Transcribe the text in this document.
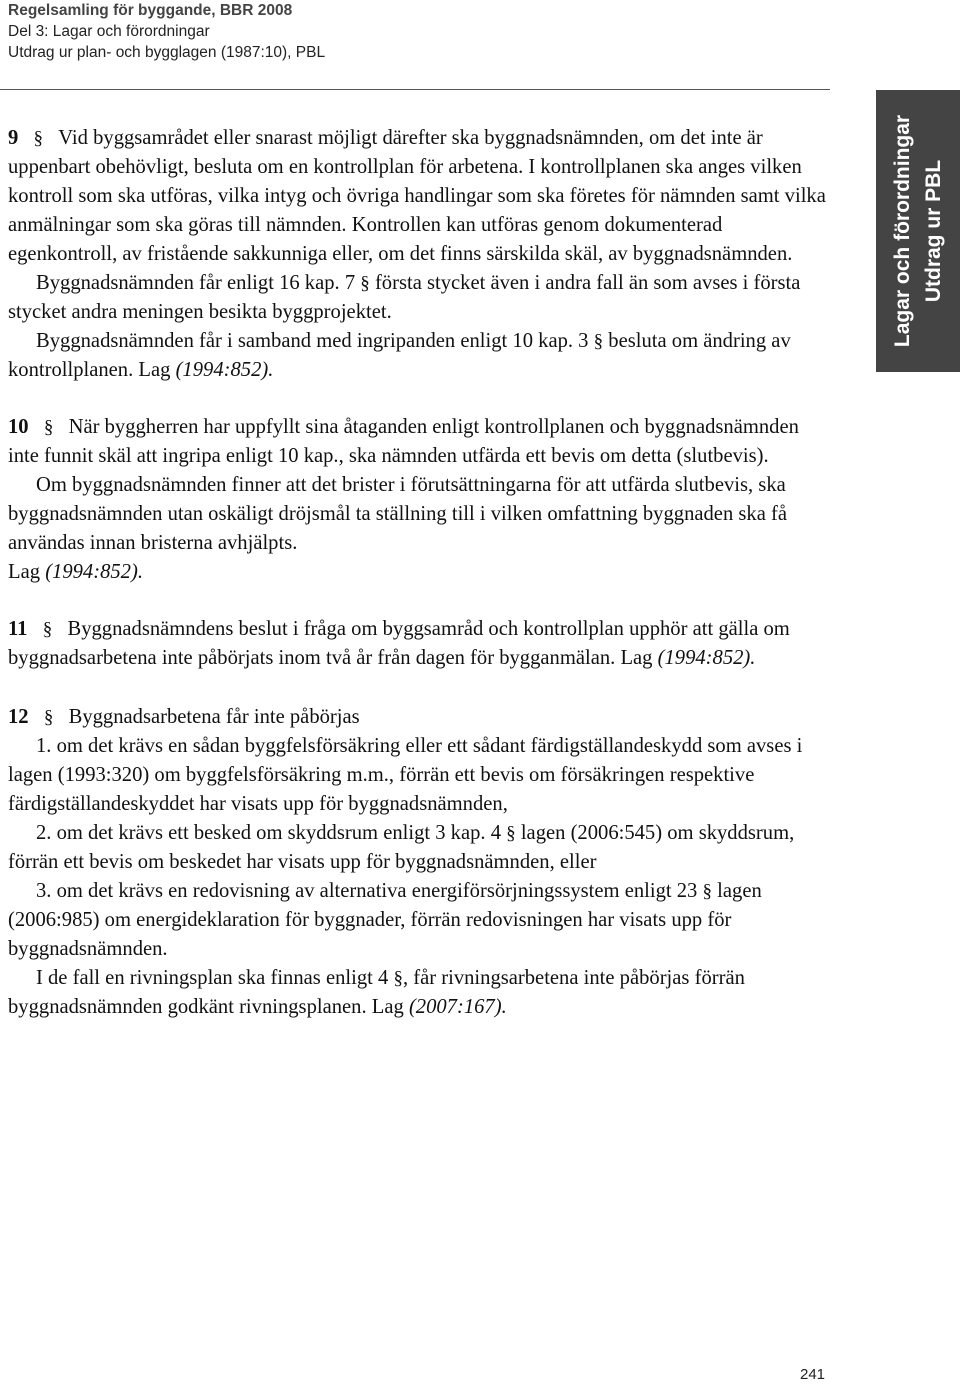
Regelsamling för byggande, BBR 2008
Del 3: Lagar och förordningar
Utdrag ur plan- och bygglagen (1987:10), PBL
Lagar och förordningar Utdrag ur PBL

9 § Vid byggsamrådet eller snarast möjligt därefter ska byggnadsnämnden, om det inte är uppenbart obehövligt, besluta om en kontrollplan för arbetena. I kontrollplanen ska anges vilken kontroll som ska utföras, vilka intyg och övriga handlingar som ska företes för nämnden samt vilka anmälningar som ska göras till nämnden. Kontrollen kan utföras genom dokumenterad egenkontroll, av fristående sakkunniga eller, om det finns särskilda skäl, av byggnadsnämnden.

Byggnadsnämnden får enligt 16 kap. 7 § första stycket även i andra fall än som avses i första stycket andra meningen besikta byggprojektet.

Byggnadsnämnden får i samband med ingripanden enligt 10 kap. 3 § besluta om ändring av kontrollplanen. Lag (1994:852).

10 § När byggherren har uppfyllt sina åtaganden enligt kontrollplanen och byggnadsnämnden inte funnit skäl att ingripa enligt 10 kap., ska nämnden utfärda ett bevis om detta (slutbevis).

Om byggnadsnämnden finner att det brister i förutsättningarna för att utfärda slutbevis, ska byggnadsnämnden utan oskäligt dröjsmål ta ställning till i vilken omfattning byggnaden ska få användas innan bristerna avhjälpts.

Lag (1994:852).

11 § Byggnadsnämndens beslut i fråga om byggsamråd och kontrollplan upphör att gälla om byggnadsarbetena inte påbörjats inom två år från dagen för bygganmälan. Lag (1994:852).

12 § Byggnadsarbetena får inte påbörjas

1. om det krävs en sådan byggfelsförsäkring eller ett sådant färdigställandeskydd som avses i lagen (1993:320) om byggfelsförsäkring m.m., förrän ett bevis om försäkringen respektive färdigställandeskyddet har visats upp för byggnadsnämnden,

2. om det krävs ett besked om skyddsrum enligt 3 kap. 4 § lagen (2006:545) om skyddsrum, förrän ett bevis om beskedet har visats upp för byggnadsnämnden, eller

3. om det krävs en redovisning av alternativa energiförsörjningssystem enligt 23 § lagen (2006:985) om energideklaration för byggnader, förrän redovisningen har visats upp för byggnadsnämnden.

I de fall en rivningsplan ska finnas enligt 4 §, får rivningsarbetena inte påbörjas förrän byggnadsnämnden godkänt rivningsplanen. Lag (2007:167).

241
